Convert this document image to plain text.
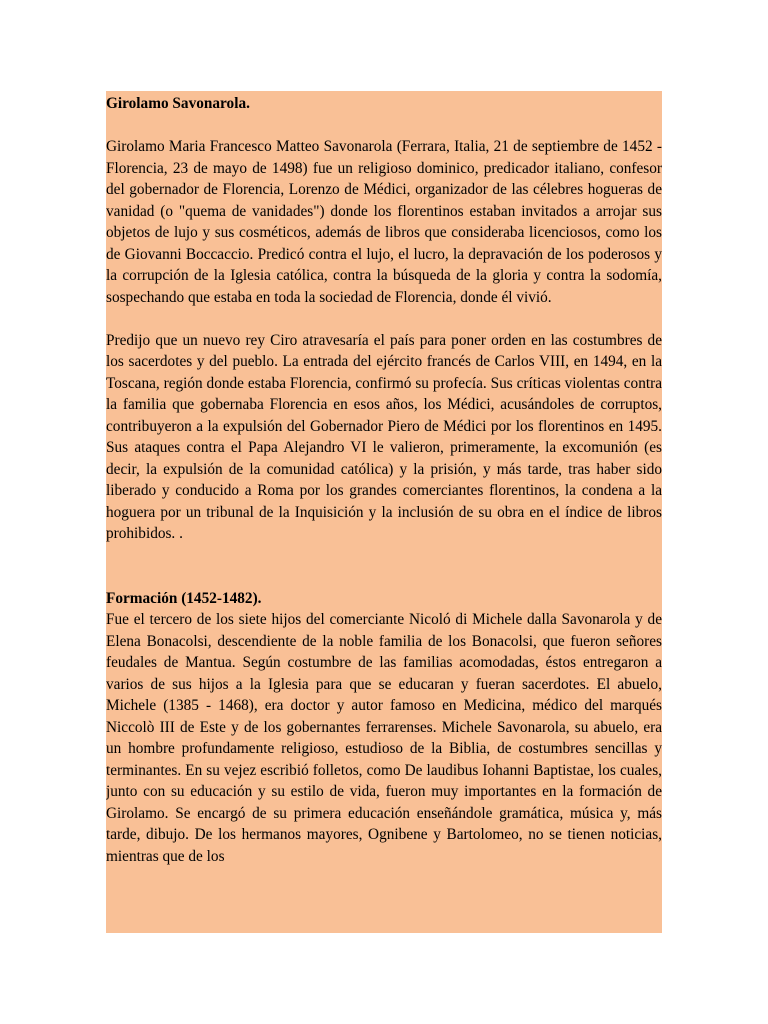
Girolamo Savonarola.

Girolamo Maria Francesco Matteo Savonarola (Ferrara, Italia, 21 de septiembre de 1452 - Florencia, 23 de mayo de 1498) fue un religioso dominico, predicador italiano, confesor del gobernador de Florencia, Lorenzo de Médici, organizador de las célebres hogueras de vanidad (o "quema de vanidades") donde los florentinos estaban invitados a arrojar sus objetos de lujo y sus cosméticos, además de libros que consideraba licenciosos, como los de Giovanni Boccaccio. Predicó contra el lujo, el lucro, la depravación de los poderosos y la corrupción de la Iglesia católica, contra la búsqueda de la gloria y contra la sodomía, sospechando que estaba en toda la sociedad de Florencia, donde él vivió.

Predijo que un nuevo rey Ciro atravesaría el país para poner orden en las costumbres de los sacerdotes y del pueblo. La entrada del ejército francés de Carlos VIII, en 1494, en la Toscana, región donde estaba Florencia, confirmó su profecía. Sus críticas violentas contra la familia que gobernaba Florencia en esos años, los Médici, acusándoles de corruptos, contribuyeron a la expulsión del Gobernador Piero de Médici por los florentinos en 1495. Sus ataques contra el Papa Alejandro VI le valieron, primeramente, la excomunión (es decir, la expulsión de la comunidad católica) y la prisión, y más tarde, tras haber sido liberado y conducido a Roma por los grandes comerciantes florentinos, la condena a la hoguera por un tribunal de la Inquisición y la inclusión de su obra en el índice de libros prohibidos. .

Formación (1452-1482).

Fue el tercero de los siete hijos del comerciante Nicoló di Michele dalla Savonarola y de Elena Bonacolsi, descendiente de la noble familia de los Bonacolsi, que fueron señores feudales de Mantua. Según costumbre de las familias acomodadas, éstos entregaron a varios de sus hijos a la Iglesia para que se educaran y fueran sacerdotes. El abuelo, Michele (1385 - 1468), era doctor y autor famoso en Medicina, médico del marqués Niccolò III de Este y de los gobernantes ferrarenses. Michele Savonarola, su abuelo, era un hombre profundamente religioso, estudioso de la Biblia, de costumbres sencillas y terminantes. En su vejez escribió folletos, como De laudibus Iohanni Baptistae, los cuales, junto con su educación y su estilo de vida, fueron muy importantes en la formación de Girolamo. Se encargó de su primera educación enseñándole gramática, música y, más tarde, dibujo. De los hermanos mayores, Ognibene y Bartolomeo, no se tienen noticias, mientras que de los
